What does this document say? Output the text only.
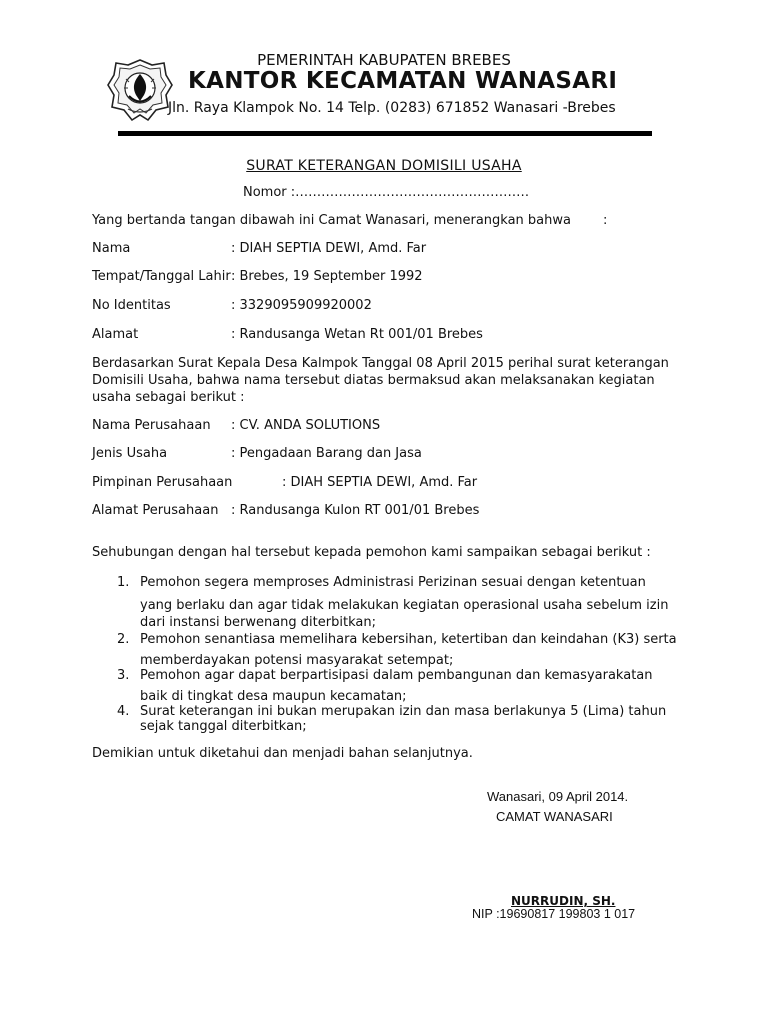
PEMERINTAH KABUPATEN BREBES
KANTOR KECAMATAN WANASARI
Jln. Raya Klampok No. 14 Telp. (0283) 671852 Wanasari -Brebes
SURAT KETERANGAN DOMISILI USAHA
Nomor :………………………………………………
Yang bertanda tangan dibawah ini Camat Wanasari, menerangkan bahwa :
Nama	: DIAH SEPTIA DEWI, Amd. Far
Tempat/Tanggal Lahir : Brebes, 19 September 1992
No Identitas	: 3329095909920002
Alamat	: Randusanga Wetan Rt 001/01 Brebes
Berdasarkan Surat Kepala Desa Kalmpok Tanggal 08 April 2015 perihal surat keterangan Domisili Usaha, bahwa nama tersebut diatas bermaksud akan melaksanakan kegiatan usaha sebagai berikut :
Nama Perusahaan : CV. ANDA SOLUTIONS
Jenis Usaha	: Pengadaan Barang dan Jasa
Pimpinan Perusahaan	: DIAH SEPTIA DEWI, Amd. Far
Alamat Perusahaan : Randusanga Kulon RT 001/01 Brebes
Sehubungan dengan hal tersebut kepada pemohon kami sampaikan sebagai berikut :
1. Pemohon segera memproses Administrasi Perizinan sesuai dengan ketentuan
yang berlaku dan agar tidak melakukan kegiatan operasional usaha sebelum izin
dari instansi berwenang diterbitkan;
2. Pemohon senantiasa memelihara kebersihan, ketertiban dan keindahan (K3) serta
memberdayakan potensi masyarakat setempat;
3. Pemohon agar dapat berpartisipasi dalam pembangunan dan kemasyarakatan
baik di tingkat desa maupun kecamatan;
4. Surat keterangan ini bukan merupakan izin dan masa berlakunya 5 (Lima) tahun
sejak tanggal diterbitkan;
Demikian untuk diketahui dan menjadi bahan selanjutnya.
Wanasari, 09 April 2014.
CAMAT WANASARI
NURRUDIN, SH.
NIP :19690817 199803 1 017
